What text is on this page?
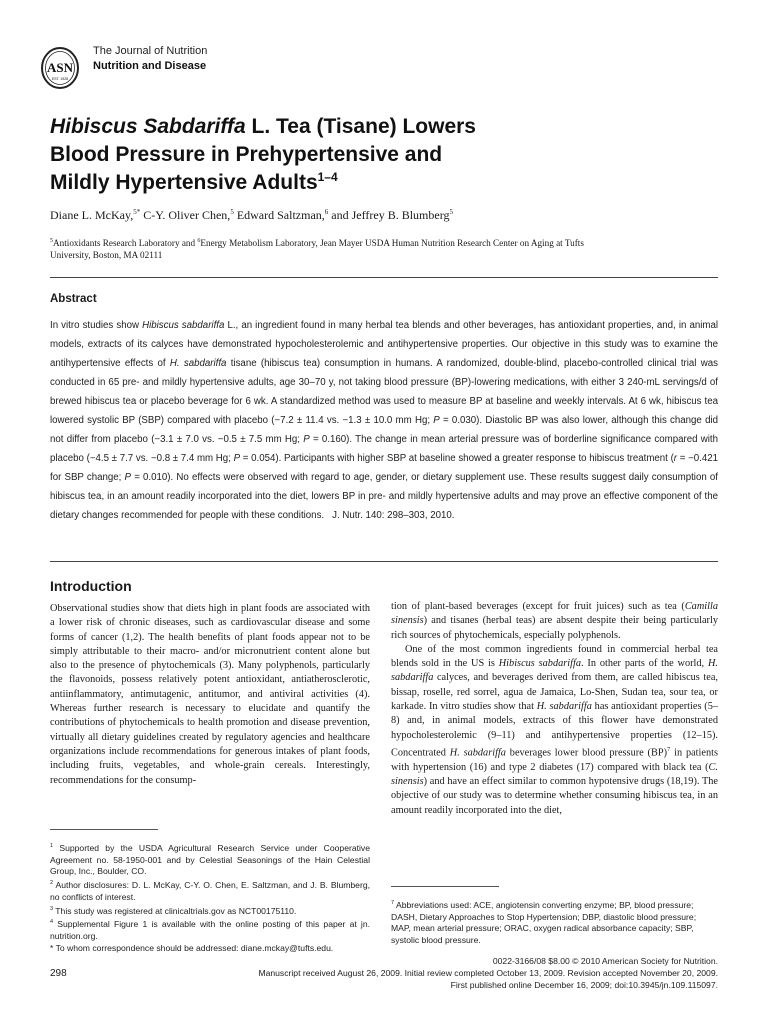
ASN
EST. 1928
The Journal of Nutrition
Nutrition and Disease
Hibiscus Sabdariffa L. Tea (Tisane) Lowers
Blood Pressure in Prehypertensive and
Mildly Hypertensive Adults$^{1-4}$
Diane L. McKay,$^{5*}$ C-Y. Oliver Chen,$^5$ Edward Saltzman,$^6$ and Jeffrey B. Blumberg$^5$
$^5$Antioxidants Research Laboratory and $^6$Energy Metabolism Laboratory, Jean Mayer USDA Human Nutrition Research Center on Aging at Tufts University, Boston, MA 02111
Abstract
In vitro studies show Hibiscus sabdariffa L., an ingredient found in many herbal tea blends and other beverages, has antioxidant properties, and, in animal models, extracts of its calyces have demonstrated hypocholesterolemic and antihypertensive properties. Our objective in this study was to examine the antihypertensive effects of H. sabdariffa tisane (hibiscus tea) consumption in humans. A randomized, double-blind, placebo-controlled clinical trial was conducted in 65 pre- and mildly hypertensive adults, age 30–70 y, not taking blood pressure (BP)-lowering medications, with either 3 240-mL servings/d of brewed hibiscus tea or placebo beverage for 6 wk. A standardized method was used to measure BP at baseline and weekly intervals. At 6 wk, hibiscus tea lowered systolic BP (SBP) compared with placebo (−7.2 ± 11.4 vs. −1.3 ± 10.0 mm Hg; P = 0.030). Diastolic BP was also lower, although this change did not differ from placebo (−3.1 ± 7.0 vs. −0.5 ± 7.5 mm Hg; P = 0.160). The change in mean arterial pressure was of borderline significance compared with placebo (−4.5 ± 7.7 vs. −0.8 ± 7.4 mm Hg; P = 0.054). Participants with higher SBP at baseline showed a greater response to hibiscus treatment (r = −0.421 for SBP change; P = 0.010). No effects were observed with regard to age, gender, or dietary supplement use. These results suggest daily consumption of hibiscus tea, in an amount readily incorporated into the diet, lowers BP in pre- and mildly hypertensive adults and may prove an effective component of the dietary changes recommended for people with these conditions.   J. Nutr. 140: 298–303, 2010.
Introduction

Observational studies show that diets high in plant foods are associated with a lower risk of chronic diseases, such as cardiovascular disease and some forms of cancer (1,2). The health benefits of plant foods appear not to be simply attributable to their macro- and/or micronutrient content alone but also to the presence of phytochemicals (3). Many polyphenols, particularly the flavonoids, possess relatively potent antioxidant, antiatherosclerotic, antiinflammatory, antimutagenic, antitumor, and antiviral activities (4). Whereas further research is necessary to elucidate and quantify the contributions of phytochemicals to health promotion and disease prevention, virtually all dietary guidelines created by regulatory agencies and healthcare organizations include recommendations for generous intakes of plant foods, including fruits, vegetables, and whole-grain cereals. Interestingly, recommendations for the consump-

tion of plant-based beverages (except for fruit juices) such as tea (Camilla sinensis) and tisanes (herbal teas) are absent despite their being particularly rich sources of phytochemicals, especially polyphenols.

One of the most common ingredients found in commercial herbal tea blends sold in the US is Hibiscus sabdariffa. In other parts of the world, H. sabdariffa calyces, and beverages derived from them, are called hibiscus tea, bissap, roselle, red sorrel, agua de Jamaica, Lo-Shen, Sudan tea, sour tea, or karkade. In vitro studies show that H. sabdariffa has antioxidant properties (5–8) and, in animal models, extracts of this flower have demonstrated hypocholesterolemic (9–11) and antihypertensive properties (12–15). Concentrated H. sabdariffa beverages lower blood pressure (BP)$^7$ in patients with hypertension (16) and type 2 diabetes (17) compared with black tea (C. sinensis) and have an effect similar to common hypotensive drugs (18,19). The objective of our study was to determine whether consuming hibiscus tea, in an amount readily incorporated into the diet,

$^1$ Supported by the USDA Agricultural Research Service under Cooperative Agreement no. 58-1950-001 and by Celestial Seasonings of the Hain Celestial Group, Inc., Boulder, CO.

$^2$ Author disclosures: D. L. McKay, C-Y. O. Chen, E. Saltzman, and J. B. Blumberg, no conflicts of interest.

$^3$ This study was registered at clinicaltrials.gov as NCT00175110.

$^4$ Supplemental Figure 1 is available with the online posting of this paper at jn. nutrition.org.

* To whom correspondence should be addressed: diane.mckay@tufts.edu.

$^7$ Abbreviations used: ACE, angiotensin converting enzyme; BP, blood pressure; DASH, Dietary Approaches to Stop Hypertension; DBP, diastolic blood pressure; MAP, mean arterial pressure; ORAC, oxygen radical absorbance capacity; SBP, systolic blood pressure.

298
0022-3166/08 $8.00 © 2010 American Society for Nutrition.
Manuscript received August 26, 2009. Initial review completed October 13, 2009. Revision accepted November 20, 2009.
First published online December 16, 2009; doi:10.3945/jn.109.115097.
